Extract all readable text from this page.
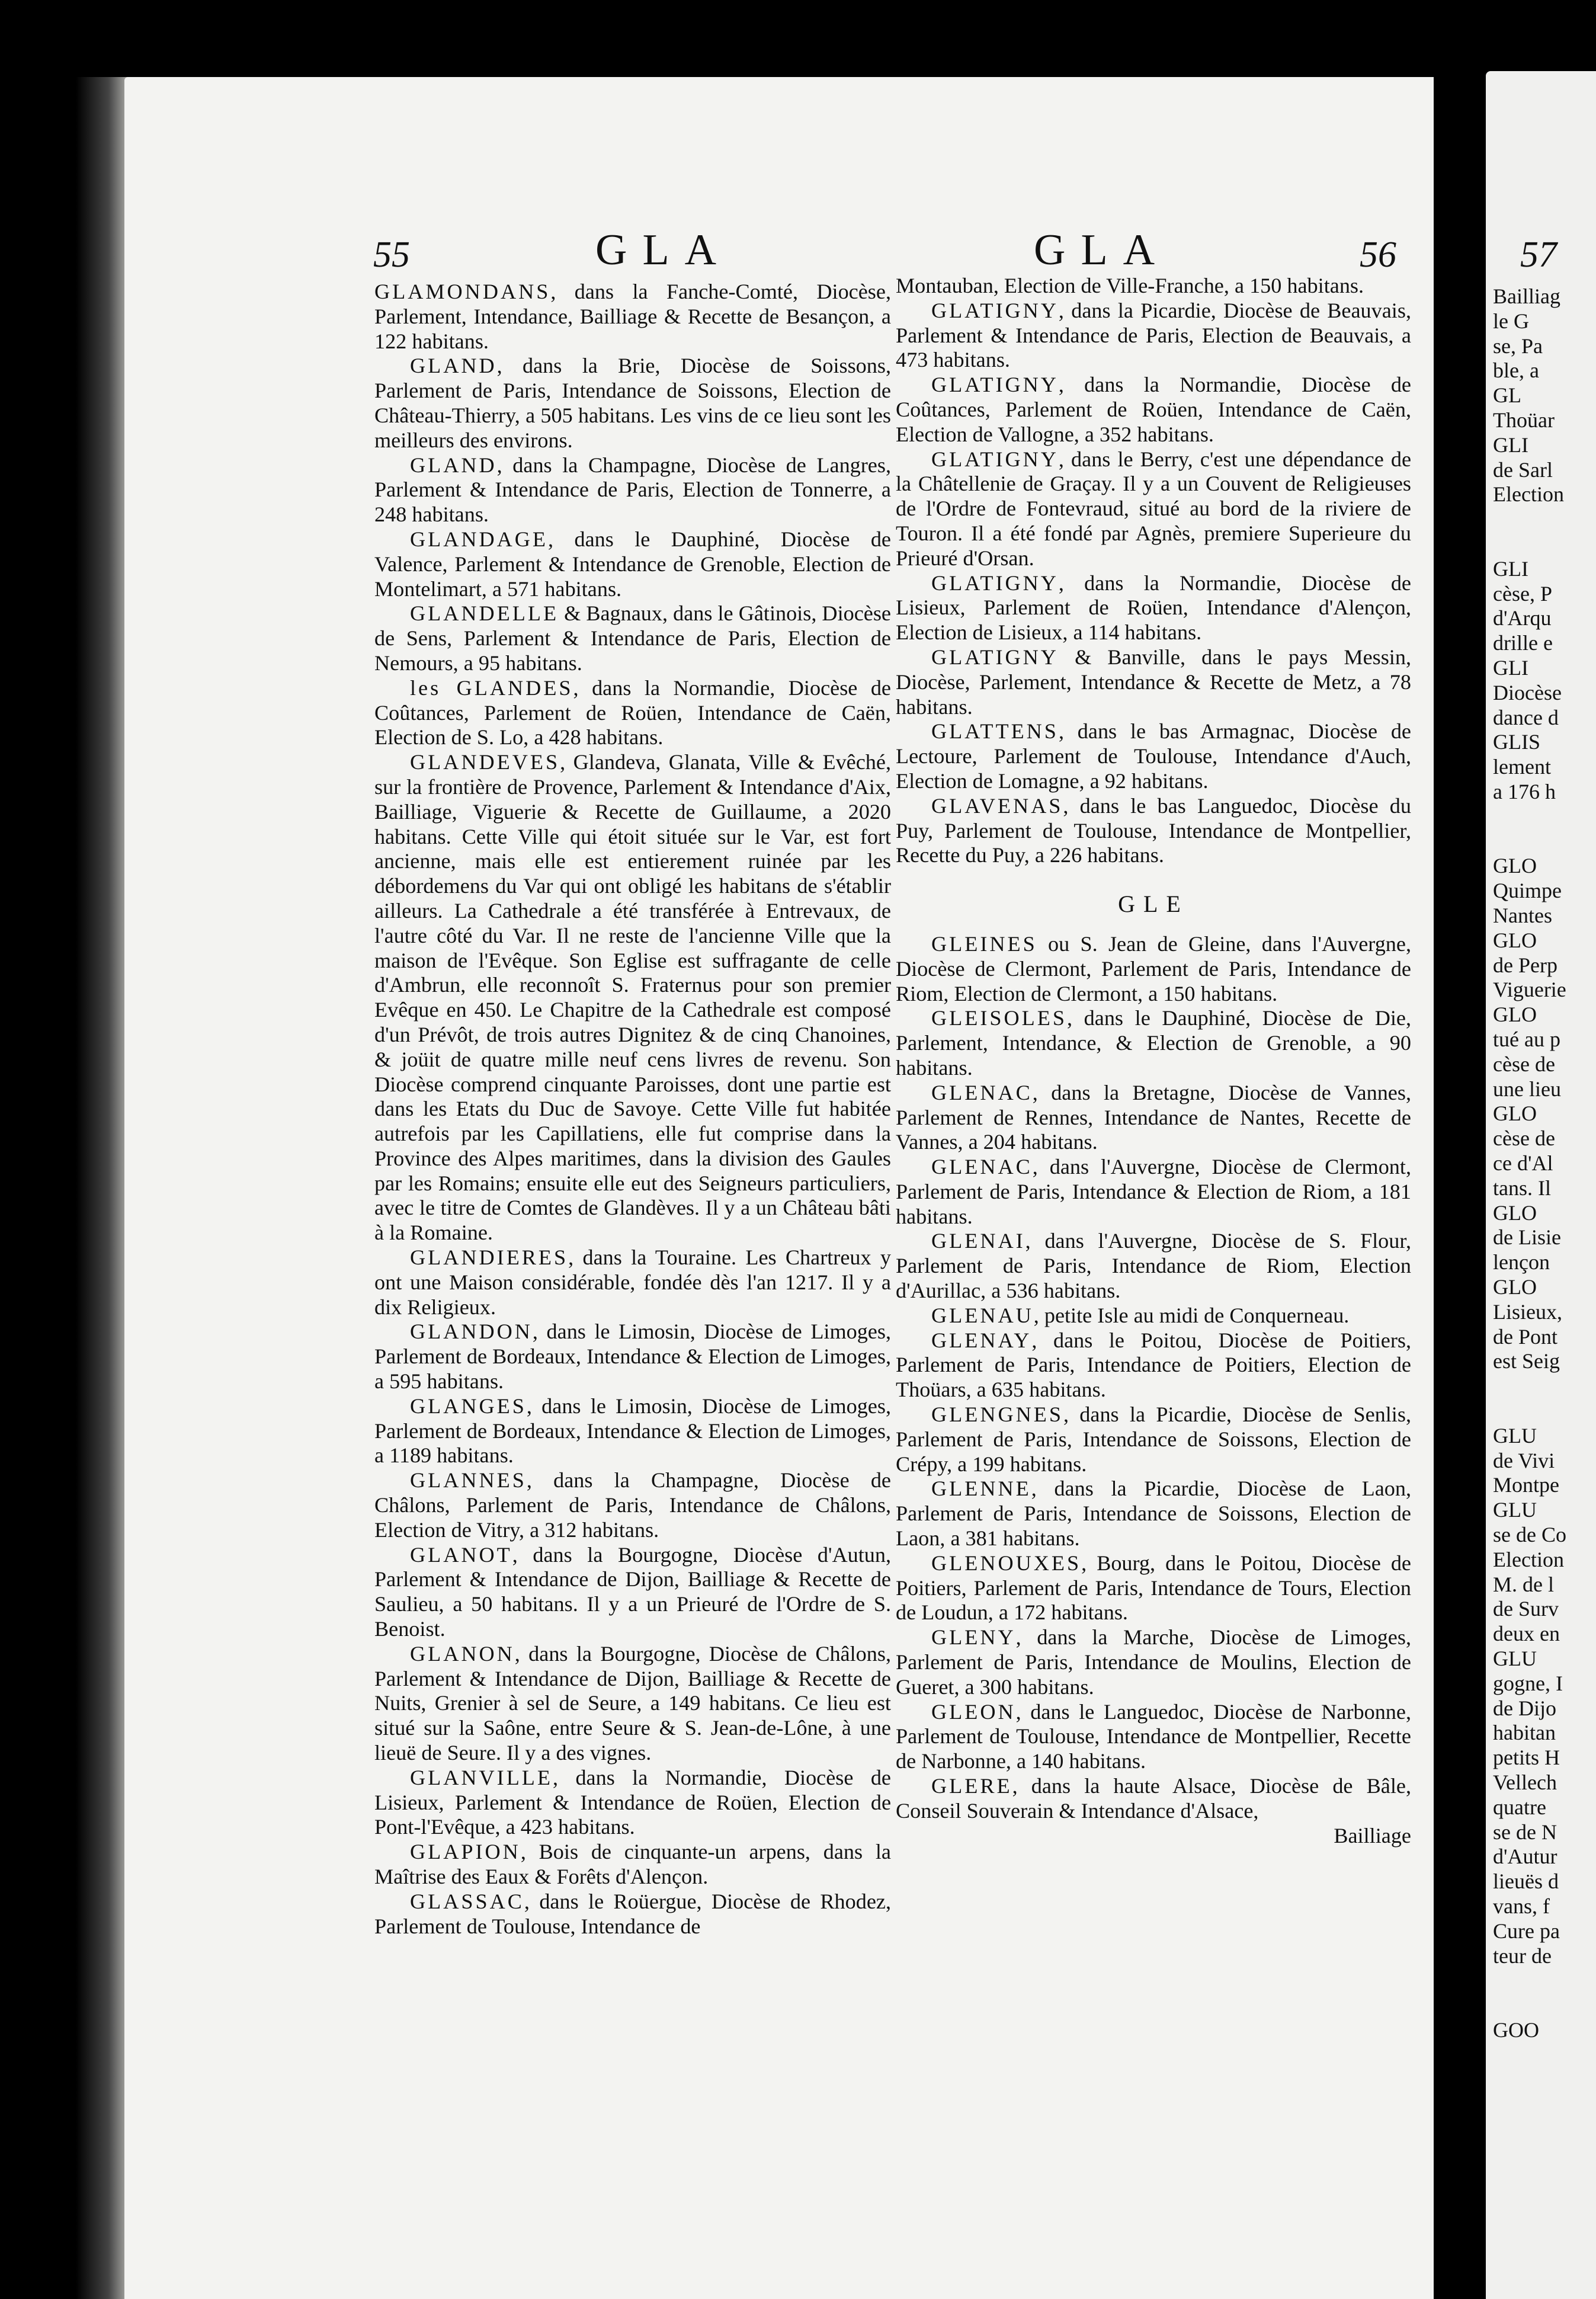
55	GLA	GLA	56	57

GLAMONDANS, dans la Fanche-Comté, Diocèse, Parlement, Intendance, Bailliage & Recette de Besançon, a 122 habitans.

GLAND, dans la Brie, Diocèse de Soissons, Parlement de Paris, Intendance de Soissons, Election de Château-Thierry, a 505 habitans. Les vins de ce lieu sont les meilleurs des environs.

GLAND, dans la Champagne, Diocèse de Langres, Parlement & Intendance de Paris, Election de Tonnerre, a 248 habitans.

GLANDAGE, dans le Dauphiné, Diocèse de Valence, Parlement & Intendance de Grenoble, Election de Montelimart, a 571 habitans.

GLANDELLE & Bagnaux, dans le Gâtinois, Diocèse de Sens, Parlement & Intendance de Paris, Election de Nemours, a 95 habitans.

les GLANDES, dans la Normandie, Diocèse de Coûtances, Parlement de Roüen, Intendance de Caën, Election de S. Lo, a 428 habitans.

GLANDEVES, Glandeva, Glanata, Ville & Evêché, sur la frontière de Provence, Parlement & Intendance d'Aix, Bailliage, Viguerie & Recette de Guillaume, a 2020 habitans. Cette Ville qui étoit située sur le Var, est fort ancienne, mais elle est entierement ruinée par les débordemens du Var qui ont obligé les habitans de s'établir ailleurs. La Cathedrale a été transférée à Entrevaux, de l'autre côté du Var. Il ne reste de l'ancienne Ville que la maison de l'Evêque. Son Eglise est suffragante de celle d'Ambrun, elle reconnoît S. Fraternus pour son premier Evêque en 450. Le Chapitre de la Cathedrale est composé d'un Prévôt, de trois autres Dignitez & de cinq Chanoines, & joüit de quatre mille neuf cens livres de revenu. Son Diocèse comprend cinquante Paroisses, dont une partie est dans les Etats du Duc de Savoye. Cette Ville fut habitée autrefois par les Capillatiens, elle fut comprise dans la Province des Alpes maritimes, dans la division des Gaules par les Romains; ensuite elle eut des Seigneurs particuliers, avec le titre de Comtes de Glandèves. Il y a un Château bâti à la Romaine.

GLANDIERES, dans la Touraine. Les Chartreux y ont une Maison considérable, fondée dès l'an 1217. Il y a dix Religieux.

GLANDON, dans le Limosin, Diocèse de Limoges, Parlement de Bordeaux, Intendance & Election de Limoges, a 595 habitans.

GLANGES, dans le Limosin, Diocèse de Limoges, Parlement de Bordeaux, Intendance & Election de Limoges, a 1189 habitans.

GLANNES, dans la Champagne, Diocèse de Châlons, Parlement de Paris, Intendance de Châlons, Election de Vitry, a 312 habitans.

GLANOT, dans la Bourgogne, Diocèse d'Autun, Parlement & Intendance de Dijon, Bailliage & Recette de Saulieu, a 50 habitans. Il y a un Prieuré de l'Ordre de S. Benoist.

GLANON, dans la Bourgogne, Diocèse de Châlons, Parlement & Intendance de Dijon, Bailliage & Recette de Nuits, Grenier à sel de Seure, a 149 habitans. Ce lieu est situé sur la Saône, entre Seure & S. Jean-de-Lône, à une lieuë de Seure. Il y a des vignes.

GLANVILLE, dans la Normandie, Diocèse de Lisieux, Parlement & Intendance de Roüen, Election de Pont-l'Evêque, a 423 habitans.

GLAPION, Bois de cinquante-un arpens, dans la Maîtrise des Eaux & Forêts d'Alençon.

GLASSAC, dans le Roüergue, Diocèse de Rhodez, Parlement de Toulouse, Intendance de

Montauban, Election de Ville-Franche, a 150 habitans.

GLATIGNY, dans la Picardie, Diocèse de Beauvais, Parlement & Intendance de Paris, Election de Beauvais, a 473 habitans.

GLATIGNY, dans la Normandie, Diocèse de Coûtances, Parlement de Roüen, Intendance de Caën, Election de Vallogne, a 352 habitans.

GLATIGNY, dans le Berry, c'est une dépendance de la Châtellenie de Graçay. Il y a un Couvent de Religieuses de l'Ordre de Fontevraud, situé au bord de la riviere de Touron. Il a été fondé par Agnès, premiere Superieure du Prieuré d'Orsan.

GLATIGNY, dans la Normandie, Diocèse de Lisieux, Parlement de Roüen, Intendance d'Alençon, Election de Lisieux, a 114 habitans.

GLATIGNY & Banville, dans le pays Messin, Diocèse, Parlement, Intendance & Recette de Metz, a 78 habitans.

GLATTENS, dans le bas Armagnac, Diocèse de Lectoure, Parlement de Toulouse, Intendance d'Auch, Election de Lomagne, a 92 habitans.

GLAVENAS, dans le bas Languedoc, Diocèse du Puy, Parlement de Toulouse, Intendance de Montpellier, Recette du Puy, a 226 habitans.

GLE

GLEINES ou S. Jean de Gleine, dans l'Auvergne, Diocèse de Clermont, Parlement de Paris, Intendance de Riom, Election de Clermont, a 150 habitans.

GLEISOLES, dans le Dauphiné, Diocèse de Die, Parlement, Intendance, & Election de Grenoble, a 90 habitans.

GLENAC, dans la Bretagne, Diocèse de Vannes, Parlement de Rennes, Intendance de Nantes, Recette de Vannes, a 204 habitans.

GLENAC, dans l'Auvergne, Diocèse de Clermont, Parlement de Paris, Intendance & Election de Riom, a 181 habitans.

GLENAI, dans l'Auvergne, Diocèse de S. Flour, Parlement de Paris, Intendance de Riom, Election d'Aurillac, a 536 habitans.

GLENAU, petite Isle au midi de Conquerneau.

GLENAY, dans le Poitou, Diocèse de Poitiers, Parlement de Paris, Intendance de Poitiers, Election de Thoüars, a 635 habitans.

GLENGNES, dans la Picardie, Diocèse de Senlis, Parlement de Paris, Intendance de Soissons, Election de Crépy, a 199 habitans.

GLENNE, dans la Picardie, Diocèse de Laon, Parlement de Paris, Intendance de Soissons, Election de Laon, a 381 habitans.

GLENOUXES, Bourg, dans le Poitou, Diocèse de Poitiers, Parlement de Paris, Intendance de Tours, Election de Loudun, a 172 habitans.

GLENY, dans la Marche, Diocèse de Limoges, Parlement de Paris, Intendance de Moulins, Election de Gueret, a 300 habitans.

GLEON, dans le Languedoc, Diocèse de Narbonne, Parlement de Toulouse, Intendance de Montpellier, Recette de Narbonne, a 140 habitans.

GLERE, dans la haute Alsace, Diocèse de Bâle, Conseil Souverain & Intendance d'Alsace,

Bailliage
Bailliag
le G
se, Pa
ble, a
GL
Thoüar
GLI
de Sarl
Election
GLI
cèse, P
d'Arqu
drille e
GLI
Diocèse
dance d
GLIS
lement
a 176 h
GLO
Quimpe
Nantes
GLO
de Perp
Viguerie
GLO
tué au p
cèse de
une lieu
GLO
cèse de
ce d'Al
tans. Il
GLO
de Lisie
lençon
GLO
Lisieux,
de Pont
est Seig
GLU
de Vivi
Montpe
GLU
se de Co
Election
M. de l
de Surv
deux en
GLU
gogne, I
de Dijo
habitan
petits H
Vellech
quatre
se de N
d'Autur
lieuës d
vans, f
Cure pa
teur de
GOO
